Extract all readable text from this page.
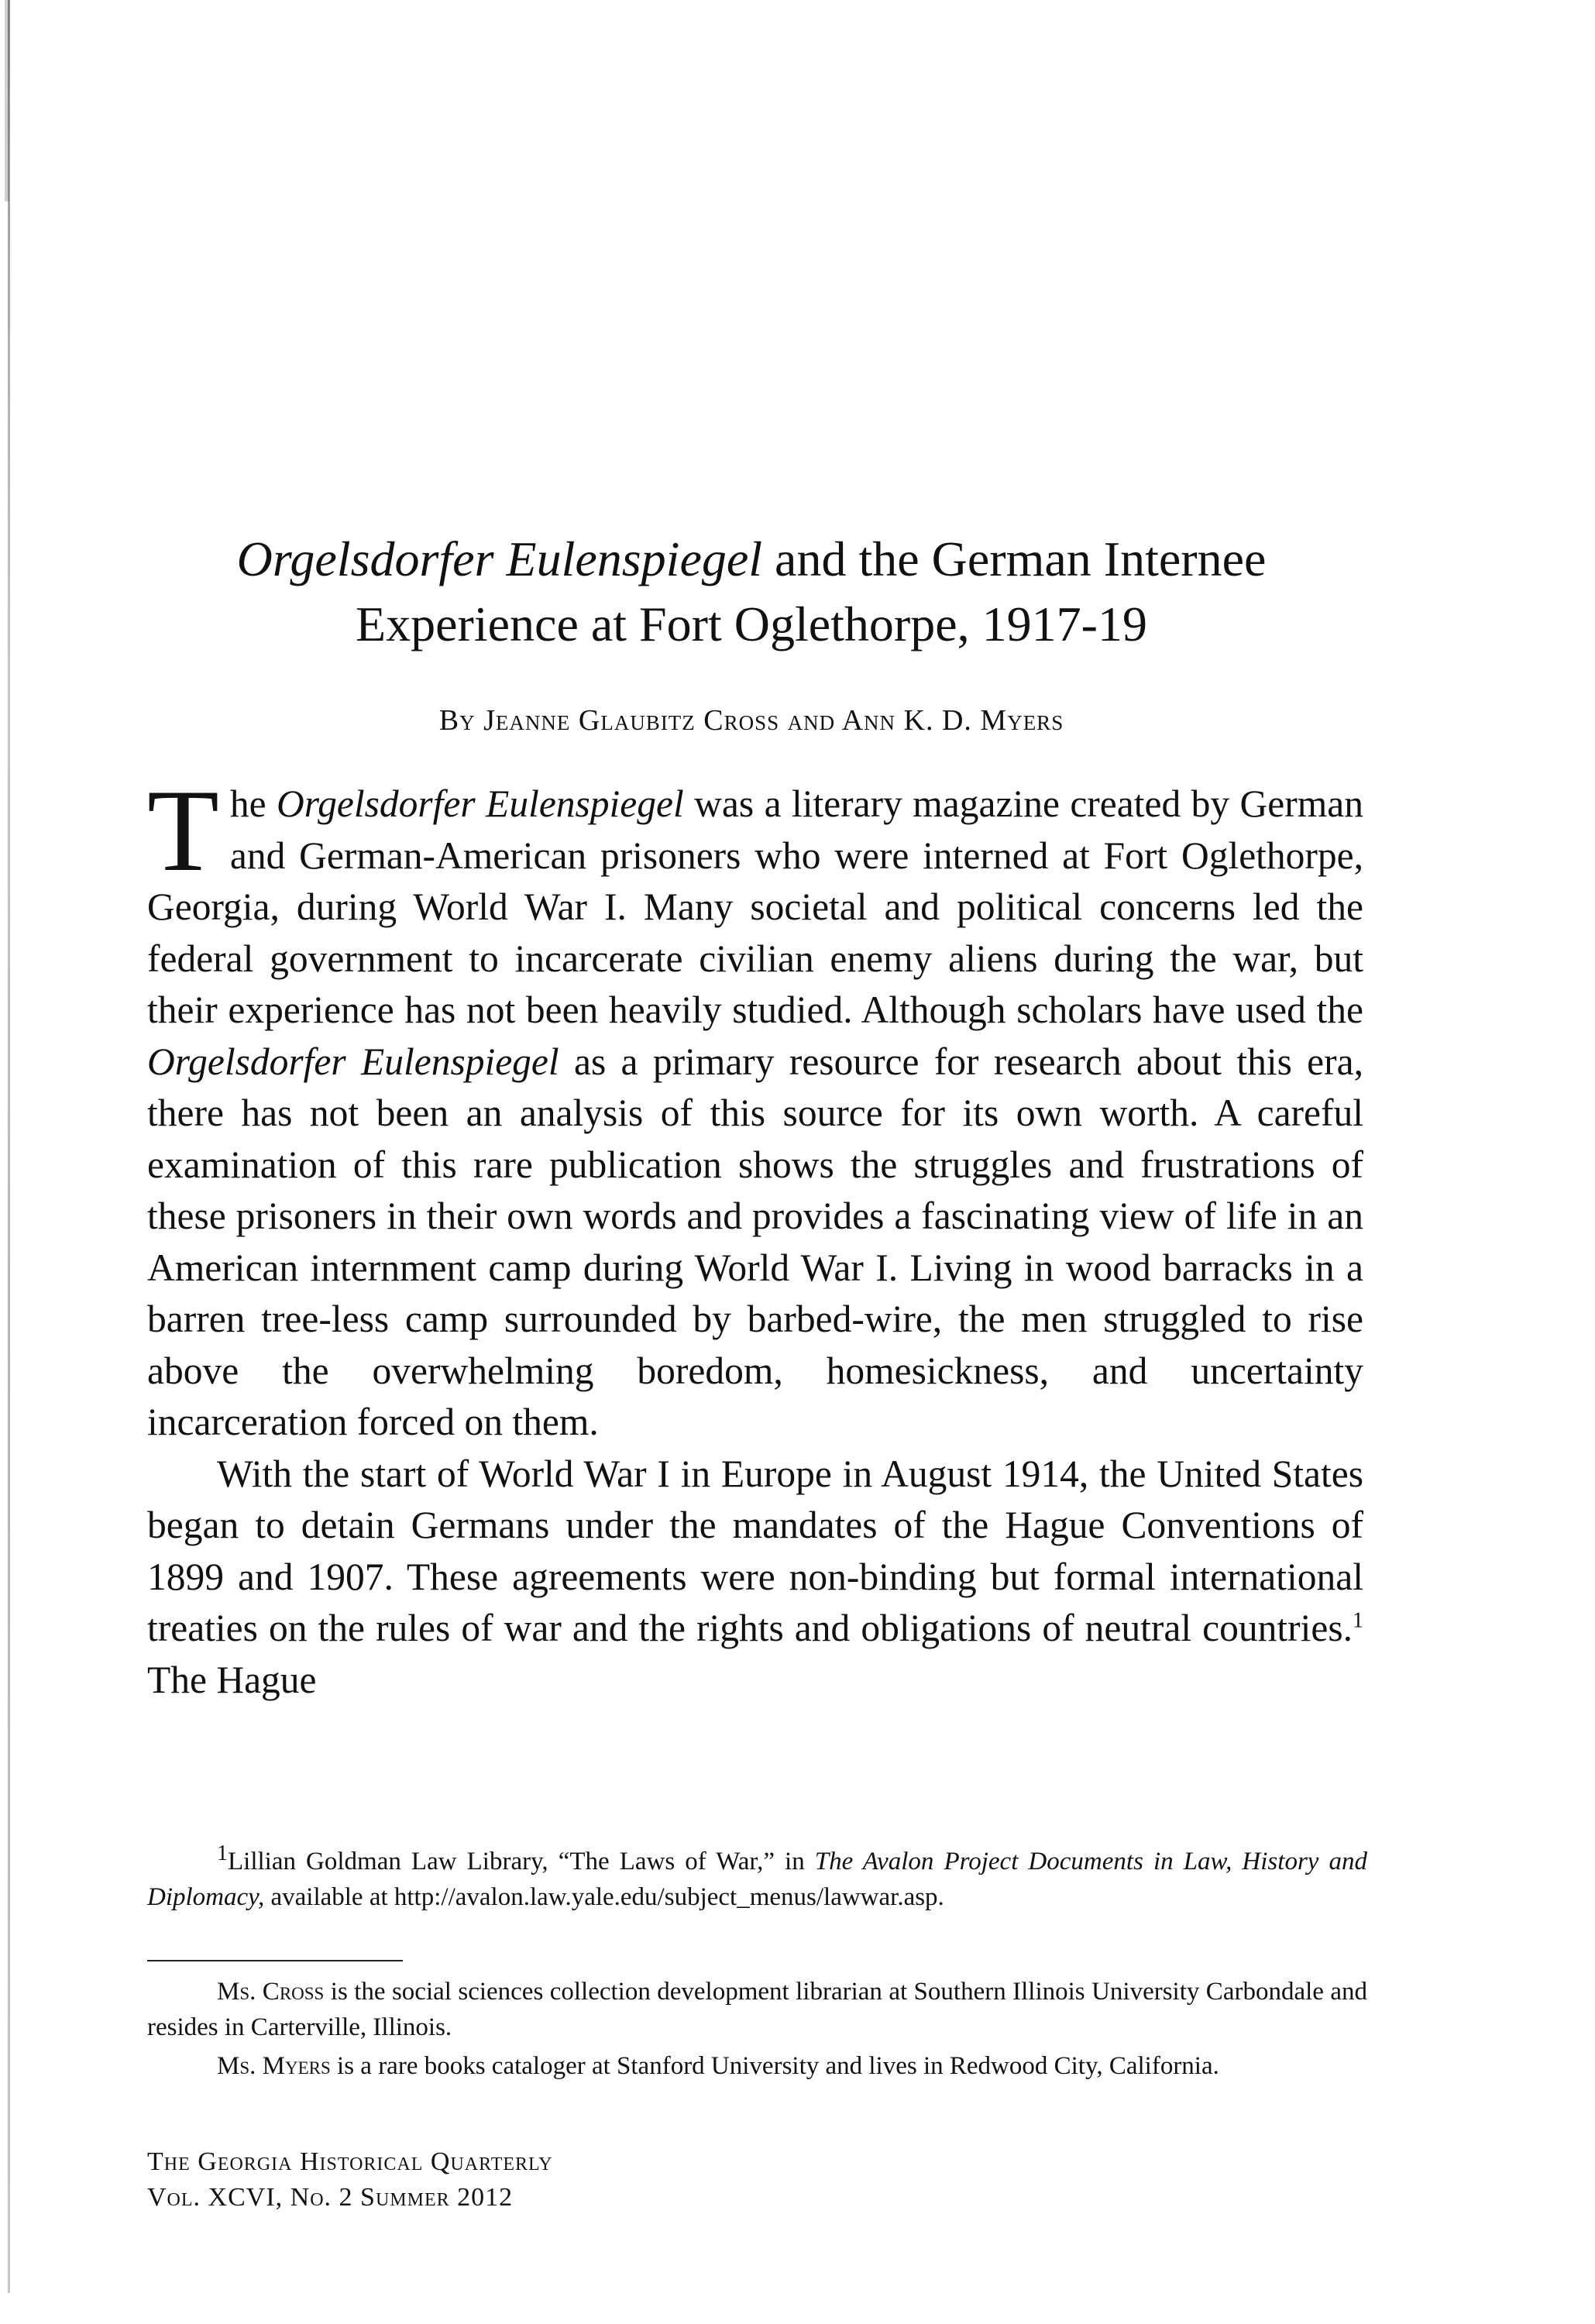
Orgelsdorfer Eulenspiegel and the German Internee
Experience at Fort Oglethorpe, 1917-19
By Jeanne Glaubitz Cross and Ann K. D. Myers

The Orgelsdorfer Eulenspiegel was a literary magazine created by German and German-American prisoners who were interned at Fort Oglethorpe, Georgia, during World War I. Many societal and political concerns led the federal government to incarcerate civilian enemy aliens during the war, but their experience has not been heavily studied. Although scholars have used the Orgelsdorfer Eulenspiegel as a primary resource for research about this era, there has not been an analysis of this source for its own worth. A careful examination of this rare publication shows the struggles and frustrations of these prisoners in their own words and provides a fascinating view of life in an American internment camp during World War I. Living in wood barracks in a barren tree-less camp surrounded by barbed-wire, the men struggled to rise above the overwhelming boredom, homesickness, and uncertainty incarceration forced on them.

With the start of World War I in Europe in August 1914, the United States began to detain Germans under the mandates of the Hague Conventions of 1899 and 1907. These agreements were non-binding but formal international treaties on the rules of war and the rights and obligations of neutral countries.$^1$ The Hague

$^1$Lillian Goldman Law Library, “The Laws of War,” in The Avalon Project Documents in Law, History and Diplomacy, available at http://avalon.law.yale.edu/subject_menus/lawwar.asp.

Ms. Cross is the social sciences collection development librarian at Southern Illinois University Carbondale and resides in Carterville, Illinois.

Ms. Myers is a rare books cataloger at Stanford University and lives in Redwood City, California.

The Georgia Historical Quarterly
Vol. XCVI, No. 2 Summer 2012
